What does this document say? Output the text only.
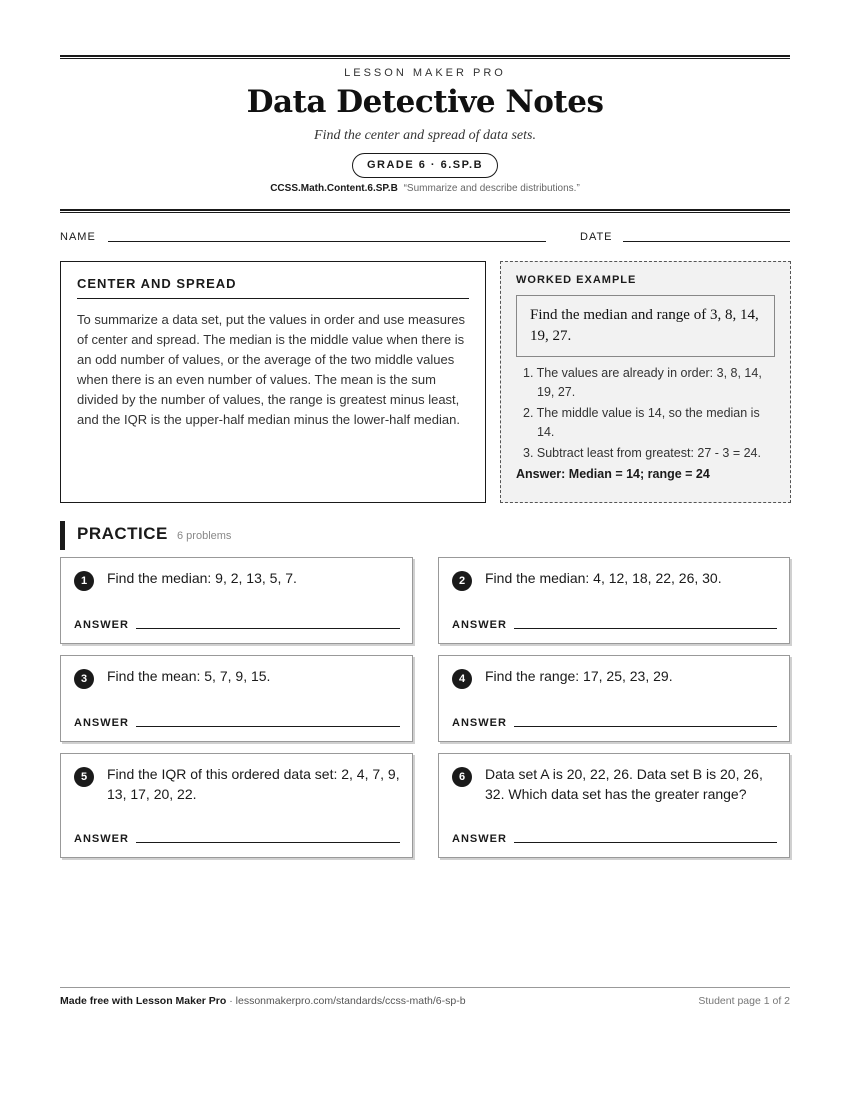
LESSON MAKER PRO
Data Detective Notes
Find the center and spread of data sets.
GRADE 6 · 6.SP.B
CCSS.Math.Content.6.SP.B “Summarize and describe distributions.”
NAME	DATE
CENTER AND SPREAD
To summarize a data set, put the values in order and use measures of center and spread. The median is the middle value when there is an odd number of values, or the average of the two middle values when there is an even number of values. The mean is the sum divided by the number of values, the range is greatest minus least, and the IQR is the upper-half median minus the lower-half median.
WORKED EXAMPLE
Find the median and range of 3, 8, 14, 19, 27.
1. The values are already in order: 3, 8, 14, 19, 27.
2. The middle value is 14, so the median is 14.
3. Subtract least from greatest: 27 - 3 = 24.
Answer: Median = 14; range = 24
PRACTICE 6 problems
1	Find the median: 9, 2, 13, 5, 7.
ANSWER
2	Find the median: 4, 12, 18, 22, 26, 30.
ANSWER
3	Find the mean: 5, 7, 9, 15.
ANSWER
4	Find the range: 17, 25, 23, 29.
ANSWER
5	Find the IQR of this ordered data set: 2, 4, 7, 9, 13, 17, 20, 22.
ANSWER
6	Data set A is 20, 22, 26. Data set B is 20, 26, 32. Which data set has the greater range?
ANSWER
Made free with Lesson Maker Pro · lessonmakerpro.com/standards/ccss-math/6-sp-b	Student page 1 of 2
